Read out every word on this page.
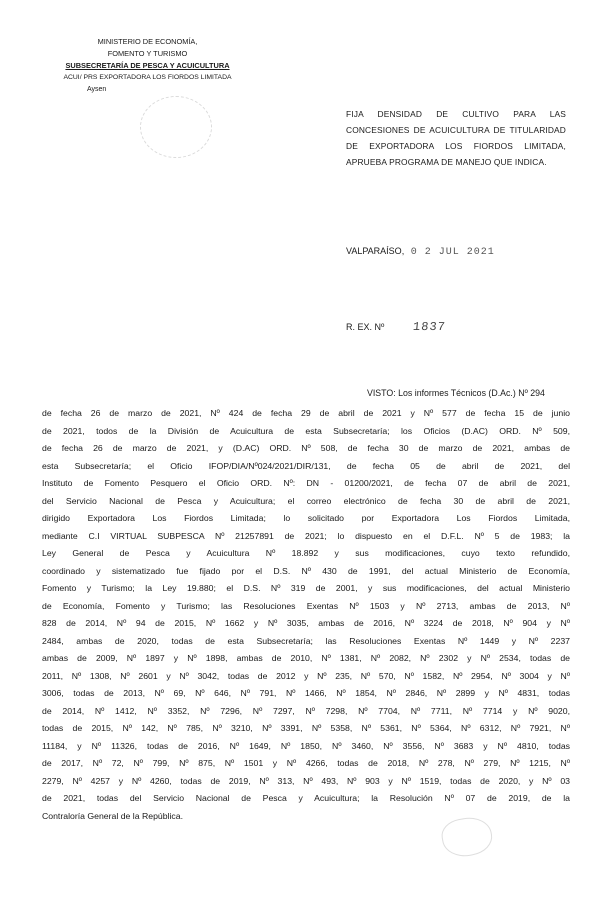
MINISTERIO DE ECONOMÍA,
FOMENTO Y TURISMO
SUBSECRETARÍA DE PESCA Y ACUICULTURA
ACUI/ PRS EXPORTADORA LOS FIORDOS LIMITADA
Aysen
FIJA DENSIDAD DE CULTIVO PARA LAS CONCESIONES DE ACUICULTURA DE TITULARIDAD DE EXPORTADORA LOS FIORDOS LIMITADA, APRUEBA PROGRAMA DE MANEJO QUE INDICA.
VALPARAÍSO, 0 2 JUL 2021
R. EX. Nº 1837
VISTO: Los informes Técnicos (D.Ac.) Nº 294
de fecha 26 de marzo de 2021, Nº 424 de fecha 29 de abril de 2021 y Nº 577 de fecha 15 de junio
de 2021, todos de la División de Acuicultura de esta Subsecretaría; los Oficios (D.AC) ORD. Nº 509,
de fecha 26 de marzo de 2021, y (D.AC) ORD. Nº 508, de fecha 30 de marzo de 2021, ambas de
esta Subsecretaría; el Oficio IFOP/DIA/Nº024/2021/DIR/131, de fecha 05 de abril de 2021, del
Instituto de Fomento Pesquero el Oficio ORD. Nº: DN - 01200/2021, de fecha 07 de abril de 2021,
del Servicio Nacional de Pesca y Acuicultura; el correo electrónico de fecha 30 de abril de 2021,
dirigido Exportadora Los Fiordos Limitada; lo solicitado por Exportadora Los Fiordos Limitada,
mediante C.I VIRTUAL SUBPESCA Nº 21257891 de 2021; lo dispuesto en el D.F.L. Nº 5 de 1983; la
Ley General de Pesca y Acuicultura Nº 18.892 y sus modificaciones, cuyo texto refundido,
coordinado y sistematizado fue fijado por el D.S. Nº 430 de 1991, del actual Ministerio de Economía,
Fomento y Turismo; la Ley 19.880; el D.S. Nº 319 de 2001, y sus modificaciones, del actual Ministerio
de Economía, Fomento y Turismo; las Resoluciones Exentas Nº 1503 y Nº 2713, ambas de 2013, Nº
828 de 2014, Nº 94 de 2015, Nº 1662 y Nº 3035, ambas de 2016, Nº 3224 de 2018, Nº 904 y Nº
2484, ambas de 2020, todas de esta Subsecretaría; las Resoluciones Exentas Nº 1449 y Nº 2237
ambas de 2009, Nº 1897 y Nº 1898, ambas de 2010, Nº 1381, Nº 2082, Nº 2302 y Nº 2534, todas de
2011, Nº 1308, Nº 2601 y Nº 3042, todas de 2012 y Nº 235, Nº 570, Nº 1582, Nº 2954, Nº 3004 y Nº
3006, todas de 2013, Nº 69, Nº 646, Nº 791, Nº 1466, Nº 1854, Nº 2846, Nº 2899 y Nº 4831, todas
de 2014, Nº 1412, Nº 3352, Nº 7296, Nº 7297, Nº 7298, Nº 7704, Nº 7711, Nº 7714 y Nº 9020,
todas de 2015, Nº 142, Nº 785, Nº 3210, Nº 3391, Nº 5358, Nº 5361, Nº 5364, Nº 6312, Nº 7921, Nº
11184, y Nº 11326, todas de 2016, Nº 1649, Nº 1850, Nº 3460, Nº 3556, Nº 3683 y Nº 4810, todas
de 2017, Nº 72, Nº 799, Nº 875, Nº 1501 y Nº 4266, todas de 2018, Nº 278, Nº 279, Nº 1215, Nº
2279, Nº 4257 y Nº 4260, todas de 2019, Nº 313, Nº 493, Nº 903 y Nº 1519, todas de 2020, y Nº 03
de 2021, todas del Servicio Nacional de Pesca y Acuicultura; la Resolución Nº 07 de 2019, de la
Contraloría General de la República.
